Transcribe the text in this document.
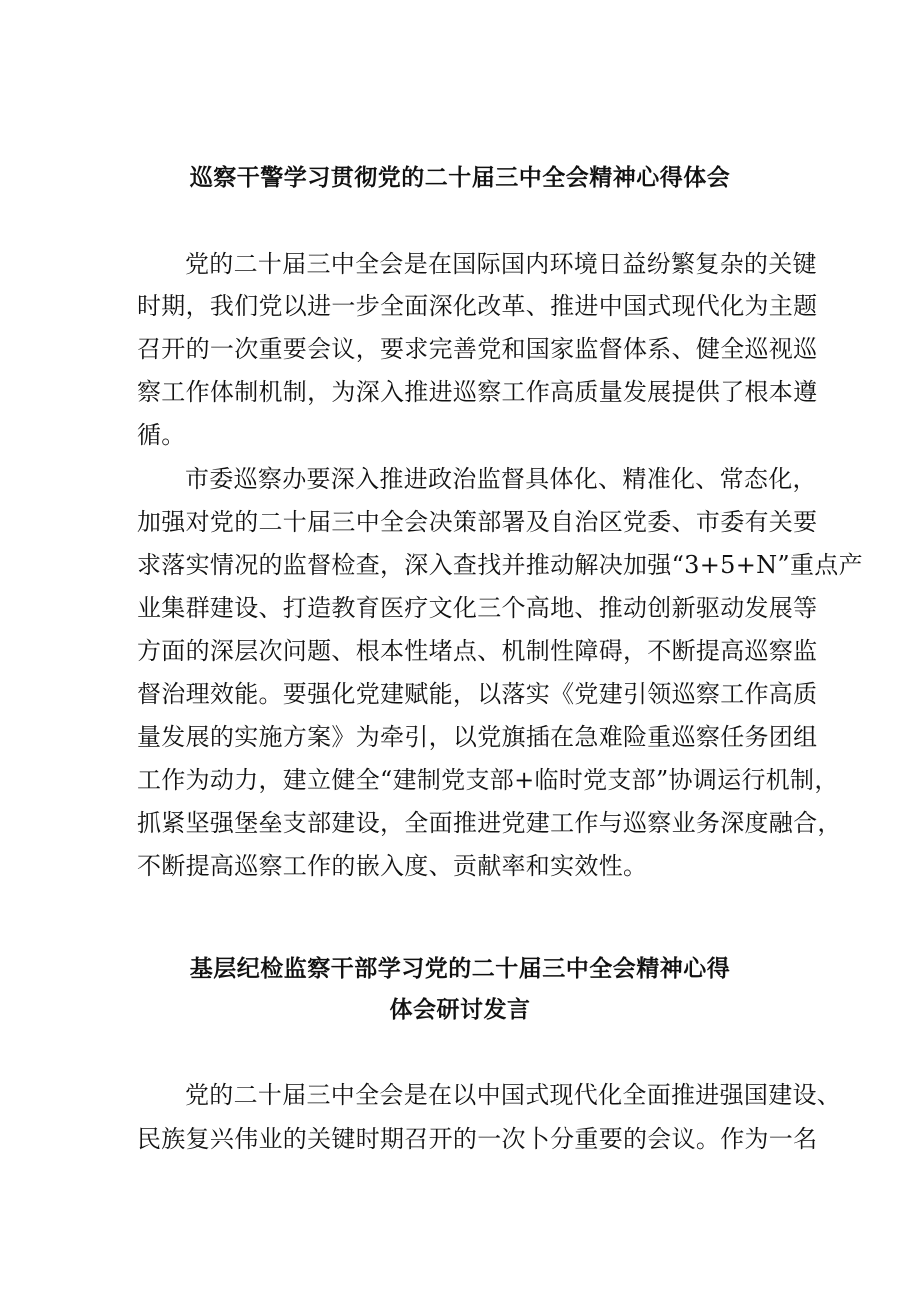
巡察干警学习贯彻党的二十届三中全会精神心得体会
党的二十届三中全会是在国际国内环境日益纷繁复杂的关键
时期，我们党以进一步全面深化改革、推进中国式现代化为主题
召开的一次重要会议，要求完善党和国家监督体系、健全巡视巡
察工作体制机制，为深入推进巡察工作高质量发展提供了根本遵
循。
市委巡察办要深入推进政治监督具体化、精准化、常态化，
加强对党的二十届三中全会决策部署及自治区党委、市委有关要
求落实情况的监督检查，深入查找并推动解决加强“3+5+N”重点产
业集群建设、打造教育医疗文化三个高地、推动创新驱动发展等
方面的深层次问题、根本性堵点、机制性障碍，不断提高巡察监
督治理效能。要强化党建赋能，以落实《党建引领巡察工作高质
量发展的实施方案》为牵引，以党旗插在急难险重巡察任务团组
工作为动力，建立健全“建制党支部+临时党支部”协调运行机制，
抓紧坚强堡垒支部建设，全面推进党建工作与巡察业务深度融合，
不断提高巡察工作的嵌入度、贡献率和实效性。
基层纪检监察干部学习党的二十届三中全会精神心得
体会研讨发言
党的二十届三中全会是在以中国式现代化全面推进强国建设、
民族复兴伟业的关键时期召开的一次卜分重要的会议。作为一名
